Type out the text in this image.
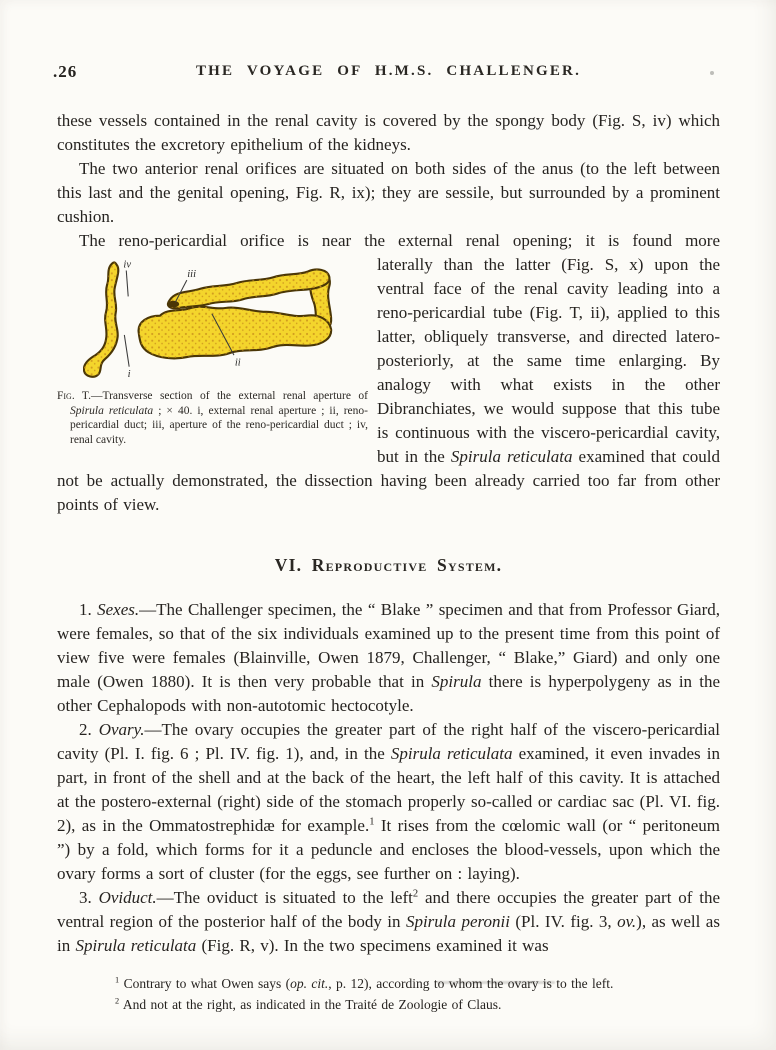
.26	THE VOYAGE OF H.M.S. CHALLENGER.

these vessels contained in the renal cavity is covered by the spongy body (Fig. S, iv) which constitutes the excretory epithelium of the kidneys.

The two anterior renal orifices are situated on both sides of the anus (to the left between this last and the genital opening, Fig. R, ix); they are sessile, but surrounded by a prominent cushion.

The reno-pericardial orifice is near the external renal opening; it is found more

iv
iii
i
ii
Fig. T.—Transverse section of the external renal aperture of Spirula reticulata ; × 40. i, external renal aperture ; ii, reno-pericardial duct; iii, aperture of the reno-pericardial duct ; iv, renal cavity.

laterally than the latter (Fig. S, x) upon the ventral face of the renal cavity leading into a reno-pericardial tube (Fig. T, ii), applied to this latter, obliquely transverse, and directed latero-posteriorly, at the same time enlarging. By analogy with what exists in the other Dibranchiates, we would suppose that this tube is continuous with the viscero-pericardial cavity, but in the Spirula reticulata examined that could not be actually demonstrated, the dissection having been already carried too far from other points of view.

VI. Reproductive System.

1. Sexes.—The Challenger specimen, the “ Blake ” specimen and that from Professor Giard, were females, so that of the six individuals examined up to the present time from this point of view five were females (Blainville, Owen 1879, Challenger, “ Blake,” Giard) and only one male (Owen 1880). It is then very probable that in Spirula there is hyperpolygeny as in the other Cephalopods with non-autotomic hectocotyle.

2. Ovary.—The ovary occupies the greater part of the right half of the viscero-pericardial cavity (Pl. I. fig. 6 ; Pl. IV. fig. 1), and, in the Spirula reticulata examined, it even invades in part, in front of the shell and at the back of the heart, the left half of this cavity. It is attached at the postero-external (right) side of the stomach properly so-called or cardiac sac (Pl. VI. fig. 2), as in the Ommatostrephidæ for example.$^1$ It rises from the cœlomic wall (or “ peritoneum ”) by a fold, which forms for it a peduncle and encloses the blood-vessels, upon which the ovary forms a sort of cluster (for the eggs, see further on : laying).

3. Oviduct.—The oviduct is situated to the left$^2$ and there occupies the greater part of the ventral region of the posterior half of the body in Spirula peronii (Pl. IV. fig. 3, ov.), as well as in Spirula reticulata (Fig. R, v). In the two specimens examined it was

$^1$ Contrary to what Owen says (op. cit., p. 12), according to whom the ovary is to the left.

$^2$ And not at the right, as indicated in the Traité de Zoologie of Claus.
